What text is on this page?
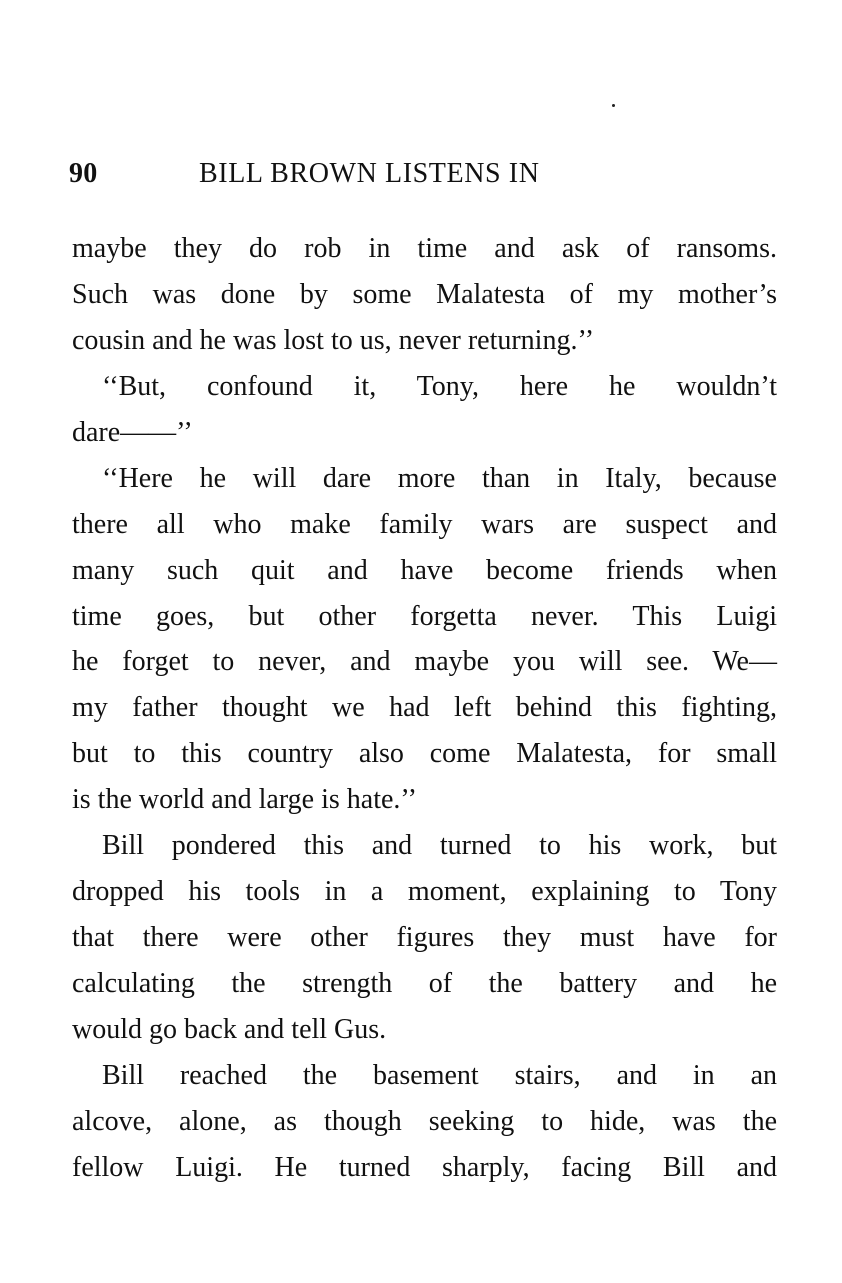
90	BILL BROWN LISTENS IN
maybe they do rob in time and ask of ransoms.
Such was done by some Malatesta of my mother’s
cousin and he was lost to us, never returning.’’
‘‘But, confound it, Tony, here he wouldn’t
dare——’’
‘‘Here he will dare more than in Italy, because
there all who make family wars are suspect and
many such quit and have become friends when
time goes, but other forgetta never. This Luigi
he forget to never, and maybe you will see. We—
my father thought we had left behind this fighting,
but to this country also come Malatesta, for small
is the world and large is hate.’’
Bill pondered this and turned to his work, but
dropped his tools in a moment, explaining to Tony
that there were other figures they must have for
calculating the strength of the battery and he
would go back and tell Gus.
Bill reached the basement stairs, and in an
alcove, alone, as though seeking to hide, was the
fellow Luigi. He turned sharply, facing Bill and
